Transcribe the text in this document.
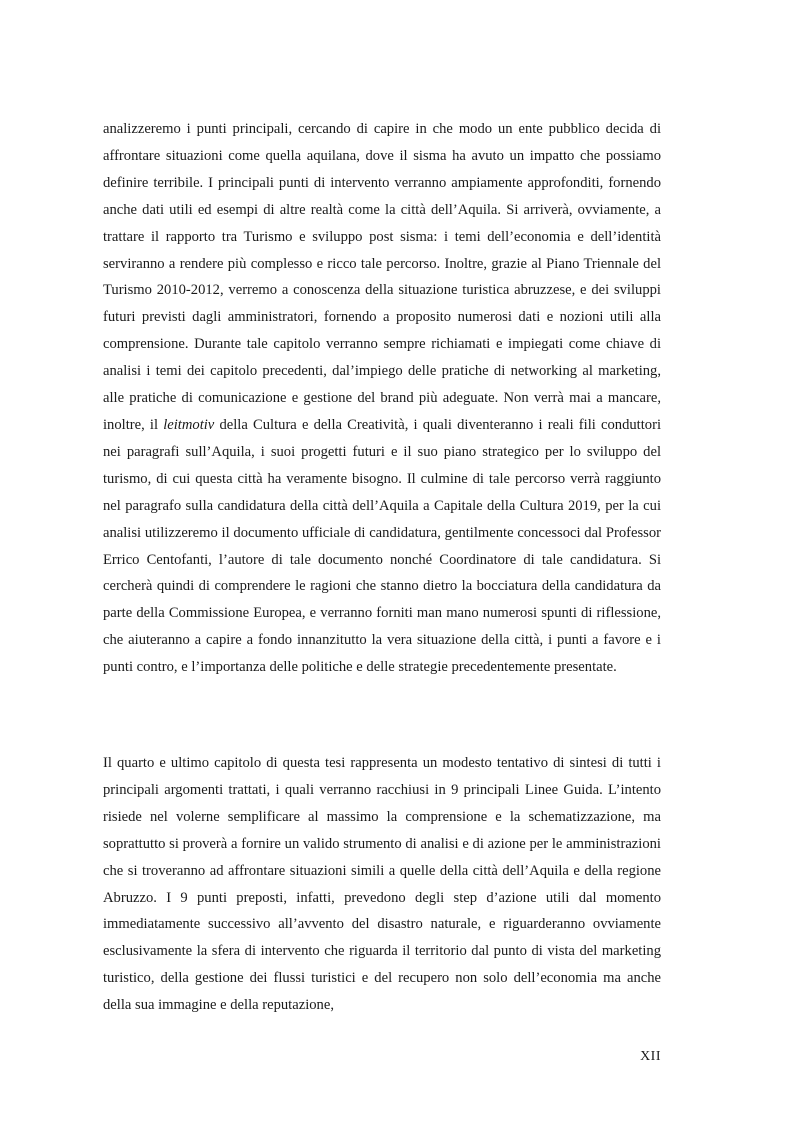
analizzeremo i punti principali, cercando di capire in che modo un ente pubblico decida di affrontare situazioni come quella aquilana, dove il sisma ha avuto un impatto che possiamo definire terribile. I principali punti di intervento verranno ampiamente approfonditi, fornendo anche dati utili ed esempi di altre realtà come la città dell’Aquila. Si arriverà, ovviamente, a trattare il rapporto tra Turismo e sviluppo post sisma: i temi dell’economia e dell’identità serviranno a rendere più complesso e ricco tale percorso. Inoltre, grazie al Piano Triennale del Turismo 2010-2012, verremo a conoscenza della situazione turistica abruzzese, e dei sviluppi futuri previsti dagli amministratori, fornendo a proposito numerosi dati e nozioni utili alla comprensione. Durante tale capitolo verranno sempre richiamati e impiegati come chiave di analisi i temi dei capitolo precedenti, dal’impiego delle pratiche di networking al marketing, alle pratiche di comunicazione e gestione del brand più adeguate. Non verrà mai a mancare, inoltre, il leitmotiv della Cultura e della Creatività, i quali diventeranno i reali fili conduttori nei paragrafi sull’Aquila, i suoi progetti futuri e il suo piano strategico per lo sviluppo del turismo, di cui questa città ha veramente bisogno. Il culmine di tale percorso verrà raggiunto nel paragrafo sulla candidatura della città dell’Aquila a Capitale della Cultura 2019, per la cui analisi utilizzeremo il documento ufficiale di candidatura, gentilmente concessoci dal Professor Errico Centofanti, l’autore di tale documento nonché Coordinatore di tale candidatura. Si cercherà quindi di comprendere le ragioni che stanno dietro la bocciatura della candidatura da parte della Commissione Europea, e verranno forniti man mano numerosi spunti di riflessione, che aiuteranno a capire a fondo innanzitutto la vera situazione della città, i punti a favore e i punti contro, e l’importanza delle politiche e delle strategie precedentemente presentate.

Il quarto e ultimo capitolo di questa tesi rappresenta un modesto tentativo di sintesi di tutti i principali argomenti trattati, i quali verranno racchiusi in 9 principali Linee Guida. L’intento risiede nel volerne semplificare al massimo la comprensione e la schematizzazione, ma soprattutto si proverà a fornire un valido strumento di analisi e di azione per le amministrazioni che si troveranno ad affrontare situazioni simili a quelle della città dell’Aquila e della regione Abruzzo. I 9 punti preposti, infatti, prevedono degli step d’azione utili dal momento immediatamente successivo all’avvento del disastro naturale, e riguarderanno ovviamente esclusivamente la sfera di intervento che riguarda il territorio dal punto di vista del marketing turistico, della gestione dei flussi turistici e del recupero non solo dell’economia ma anche della sua immagine e della reputazione,

XII
